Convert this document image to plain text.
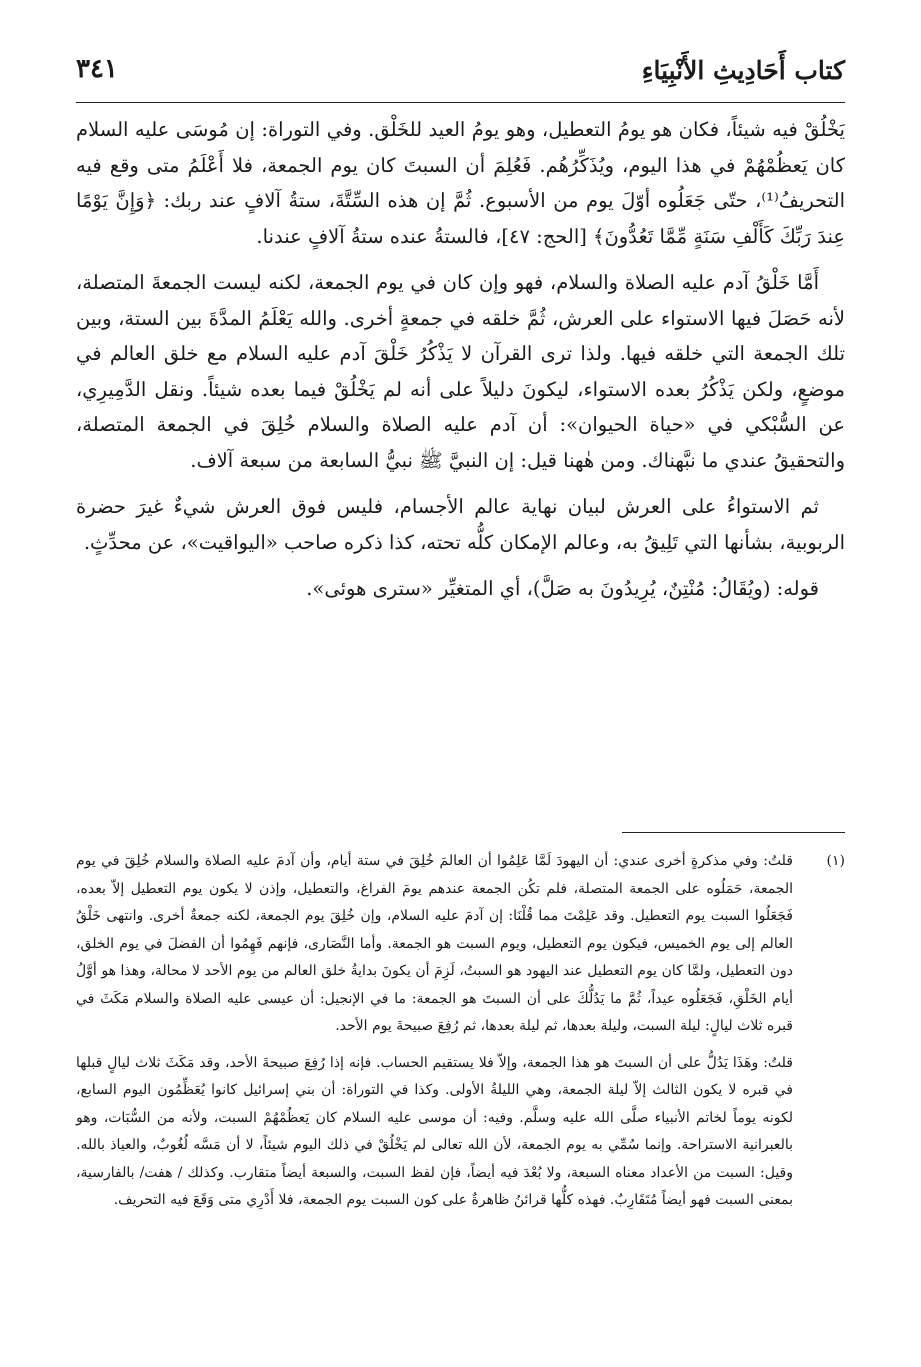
كتاب أَحَادِيثِ الأَنْبِيَاءِ
٣٤١

يَخْلُقْ فيه شيئاً، فكان هو يومُ التعطيل، وهو يومُ العيد للخَلْق. وفي التوراة: إن مُوسَى عليه السلام كان يَعظُمْهُمْ في هذا اليوم، ويُذَكِّرُهُم. فَعُلِمَ أن السبتَ كان يوم الجمعة، فلا أَعْلَمُ متى وقع فيه التحريفُ⁽¹⁾، حتّى جَعَلُوه أوّلَ يوم من الأسبوع. ثُمَّ إن هذه السِّتَّةَ، ستةُ آلافٍ عند ربك: ﴿وَإِنَّ يَوْمًا عِندَ رَبِّكَ كَأَلْفِ سَنَةٍ مِّمَّا تَعُدُّونَ﴾ [الحج: ٤٧]، فالستةُ عنده ستةُ آلافٍ عندنا.

أَمَّا خَلْقُ آدم عليه الصلاة والسلام، فهو وإن كان في يوم الجمعة، لكنه ليست الجمعةَ المتصلة، لأنه حَصَلَ فيها الاستواء على العرش، ثُمَّ خلقه في جمعةٍ أخرى. والله يَعْلَمُ المدَّةَ بين الستة، وبين تلك الجمعة التي خلقه فيها. ولذا ترى القرآن لا يَذْكُرُ خَلْقَ آدم عليه السلام مع خلق العالم في موضعٍ، ولكن يَذْكُرُ بعده الاستواء، ليكونَ دليلاً على أنه لم يَخْلُقْ فيما بعده شيئاً. ونقل الدَّمِيرِي، عن السُّبْكي في «حياة الحيوان»: أن آدم عليه الصلاة والسلام خُلِقَ في الجمعة المتصلة، والتحقيقُ عندي ما نبَّهناك. ومن هٰهنا قيل: إن النبيَّ ﷺ نبيُّ السابعة من سبعة آلاف.

ثم الاستواءُ على العرش لبيان نهاية عالم الأجسام، فليس فوق العرش شيءٌ غيرَ حضرة الربوبية، بشأنها التي تَلِيقُ به، وعالم الإمكان كلُّه تحته، كذا ذكره صاحب «اليواقيت»، عن محدِّثٍ.

قوله: (ويُقَالُ: مُنْتِنٌ، يُرِيدُونَ به صَلَّ)، أي المتغيِّر «سترى هوئى».

(١)
قلتُ: وفي مذكرةٍ أخرى عندي: أن اليهودَ لَمَّا عَلِمُوا أن العالمَ خُلِقَ في ستة أيام، وأن آدمَ عليه الصلاة والسلام خُلِقَ في يوم الجمعة، حَمَلُوه على الجمعة المتصلة، فلم تكُن الجمعة عندهم يومَ الفراغ، والتعطيل، وإذن لا يكون يوم التعطيل إلاّ بعده، فَجَعَلُوا السبت يوم التعطيل. وقد عَلِمْتَ مما قُلْنَا: إن آدمَ عليه السلام، وإن خُلِقَ يوم الجمعة، لكنه جمعةٌ أخرى. وانتهى خَلْقُ العالم إلى يوم الخميس، فيكون يوم التعطيل، ويوم السبت هو الجمعة. وأما النَّصَارى، فإنهم فَهِمُوا أن الفضلَ في يوم الخلق، دون التعطيل، ولمَّا كان يوم التعطيل عند اليهود هو السبتُ، لَزِمَ أن يكونَ بدايةُ خلق العالم من يوم الأحد لا محالة، وهذا هو أوَّلُ أيام الخَلْقِ، فَجَعَلُوه عيداً، ثُمَّ ما يَدُلُّكَ على أن السبتَ هو الجمعة: ما في الإنجيل: أن عيسى عليه الصلاة والسلام مَكَثَ في قبره ثلاث ليالٍ: ليلة السبت، وليلة بعدها، ثم ليلة بعدها، ثم رُفِعَ صبيحةَ يوم الأحد.

قلتُ: وهَذَا يَدُلُّ على أن السبتَ هو هذا الجمعة، وإلاّ فلا يستقيم الحساب. فإنه إذا رُفِعَ صبيحةَ الأحد، وقد مَكَثَ ثلاث ليالٍ قبلها في قبره لا يكون الثالث إلاّ ليلة الجمعة، وهي الليلةُ الأولى. وكذا في التوراة: أن بني إسرائيل كانوا يُعَظِّمُون اليوم السابع، لكونه يوماً لخاتم الأنبياء صلَّى الله عليه وسلَّم. وفيه: أن موسى عليه السلام كان يَعظُمْهُمْ السبت، ولأنه من السُّبَات، وهو بالعبرانية الاستراحة. وإنما سُمِّي به يوم الجمعة، لأن الله تعالى لم يَخْلُقْ في ذلك اليوم شيئاً، لا أن مَسَّه لُغُوبٌ، والعياذ بالله. وقيل: السبت من الأعداد معناه السبعة، ولا بُعْدَ فيه أيضاً، فإن لفظ السبت، والسبعة أيضاً متقارب. وكذلك / هفت/ بالفارسية، بمعنى السبت فهو أيضاً مُتَقَارِبٌ. فهذه كلُّها قرائنُ ظاهرةٌ على كون السبت يوم الجمعة، فلا أَدْرِي متى وَقَعَ فيه التحريف.
